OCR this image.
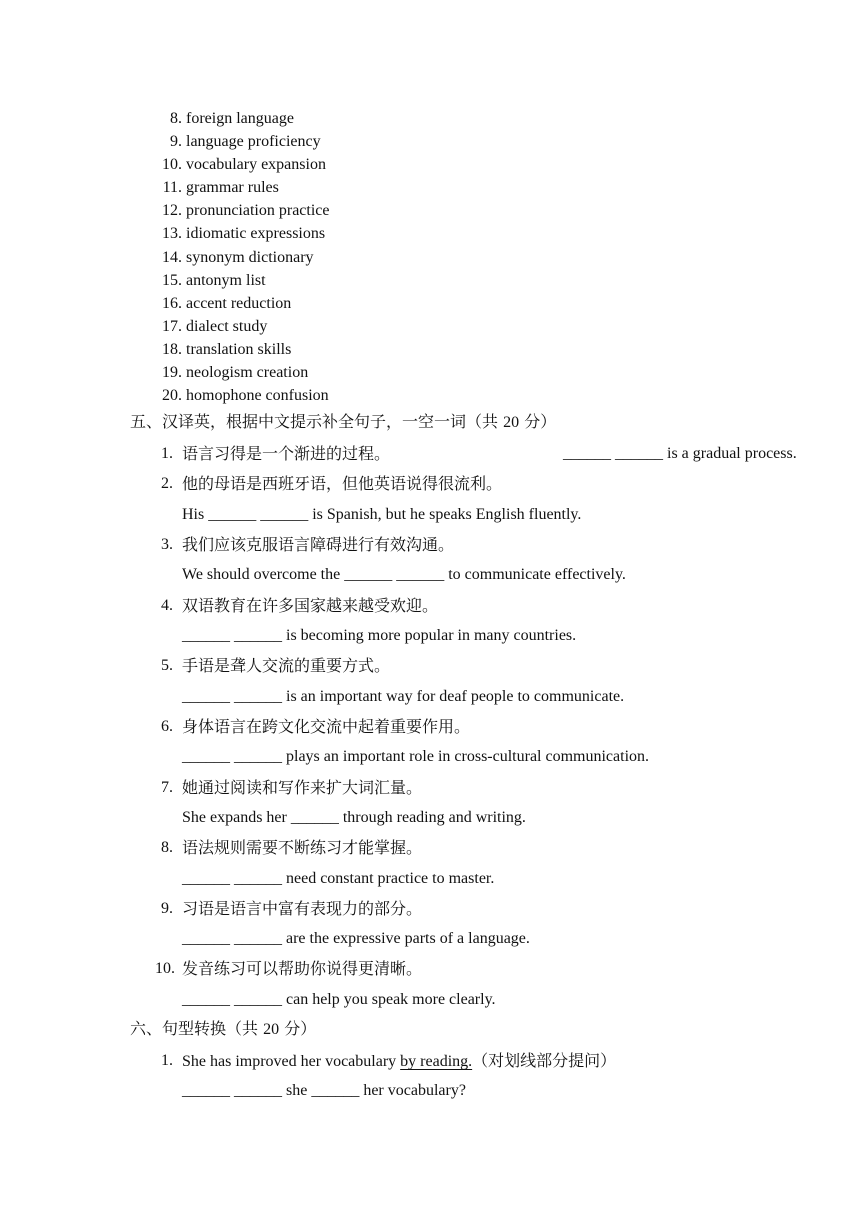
8. foreign language
9. language proficiency
10. vocabulary expansion
11. grammar rules
12. pronunciation practice
13. idiomatic expressions
14. synonym dictionary
15. antonym list
16. accent reduction
17. dialect study
18. translation skills
19. neologism creation
20. homophone confusion
五、汉译英，根据中文提示补全句子，一空一词（共 20 分）
1. 语言习得是一个渐进的过程。	______ ______ is a gradual process.
2. 他的母语是西班牙语，但他英语说得很流利。
His ______ ______ is Spanish, but he speaks English fluently.
3. 我们应该克服语言障碍进行有效沟通。
We should overcome the ______ ______ to communicate effectively.
4. 双语教育在许多国家越来越受欢迎。
______ ______ is becoming more popular in many countries.
5. 手语是聋人交流的重要方式。
______ ______ is an important way for deaf people to communicate.
6. 身体语言在跨文化交流中起着重要作用。
______ ______ plays an important role in cross-cultural communication.
7. 她通过阅读和写作来扩大词汇量。
She expands her ______ through reading and writing.
8. 语法规则需要不断练习才能掌握。
______ ______ need constant practice to master.
9. 习语是语言中富有表现力的部分。
______ ______ are the expressive parts of a language.
10. 发音练习可以帮助你说得更清晰。
______ ______ can help you speak more clearly.
六、句型转换（共 20 分）
1. She has improved her vocabulary by reading.（对划线部分提问）
______ ______ she ______ her vocabulary?
